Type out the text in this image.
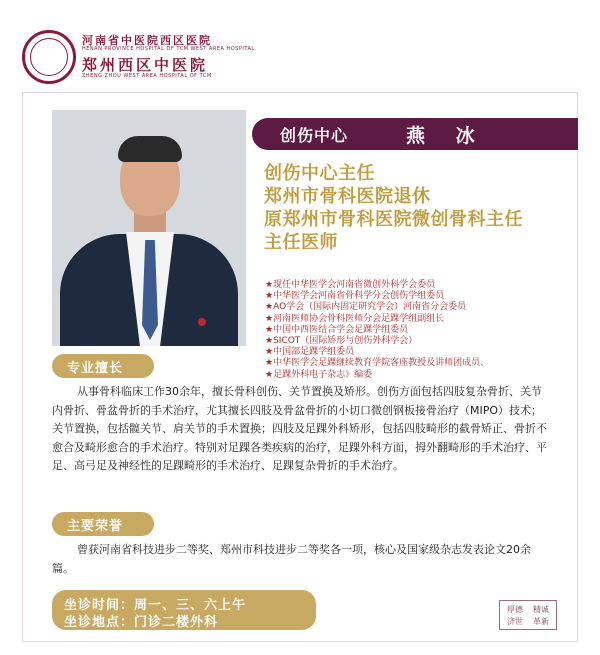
河南省中医院西区医院
HENAN PROVINCE HOSPITAL OF TCM WEST AREA HOSPITAL
郑州西区中医院
ZHENG ZHOU WEST AREA HOSPITAL OF TCM
创伤中心	燕 冰
创伤中心主任
郑州市骨科医院退休
原郑州市骨科医院微创骨科主任
主任医师
★现任中华医学会河南省微创外科学会委员
★中华医学会河南省骨科学分会创伤学组委员
★AO学会（国际内固定研究学会）河南省分会委员
★河南医师协会骨科医师分会足踝学组副组长
★中国中西医结合学会足踝学组委员
★SICOT（国际矫形与创伤外科学会）
★中国部足踝学组委员
★中华医学会足踝继续教育学院客座教授及讲师团成员、
★足踝外科电子杂志》编委
专业擅长
从事骨科临床工作30余年，擅长骨科创伤、关节置换及矫形。创伤方面包括四肢复杂骨折、关节内骨折、骨盆骨折的手术治疗，尤其擅长四肢及骨盆骨折的小切口微创钢板接骨治疗（MIPO）技术；关节置换，包括髋关节、肩关节的手术置换；四肢及足踝外科矫形，包括四肢畸形的截骨矫正、骨折不愈合及畸形愈合的手术治疗。特别对足踝各类疾病的治疗，足踝外科方面，拇外翻畸形的手术治疗、平足、高弓足及神经性的足踝畸形的手术治疗、足踝复杂骨折的手术治疗。
主要荣誉
曾获河南省科技进步二等奖、郑州市科技进步二等奖各一项，核心及国家级杂志发表论文20余篇。
坐诊时间：周一、三、六上午
坐诊地点：门诊二楼外科
厚德 精诚
济世 革新
